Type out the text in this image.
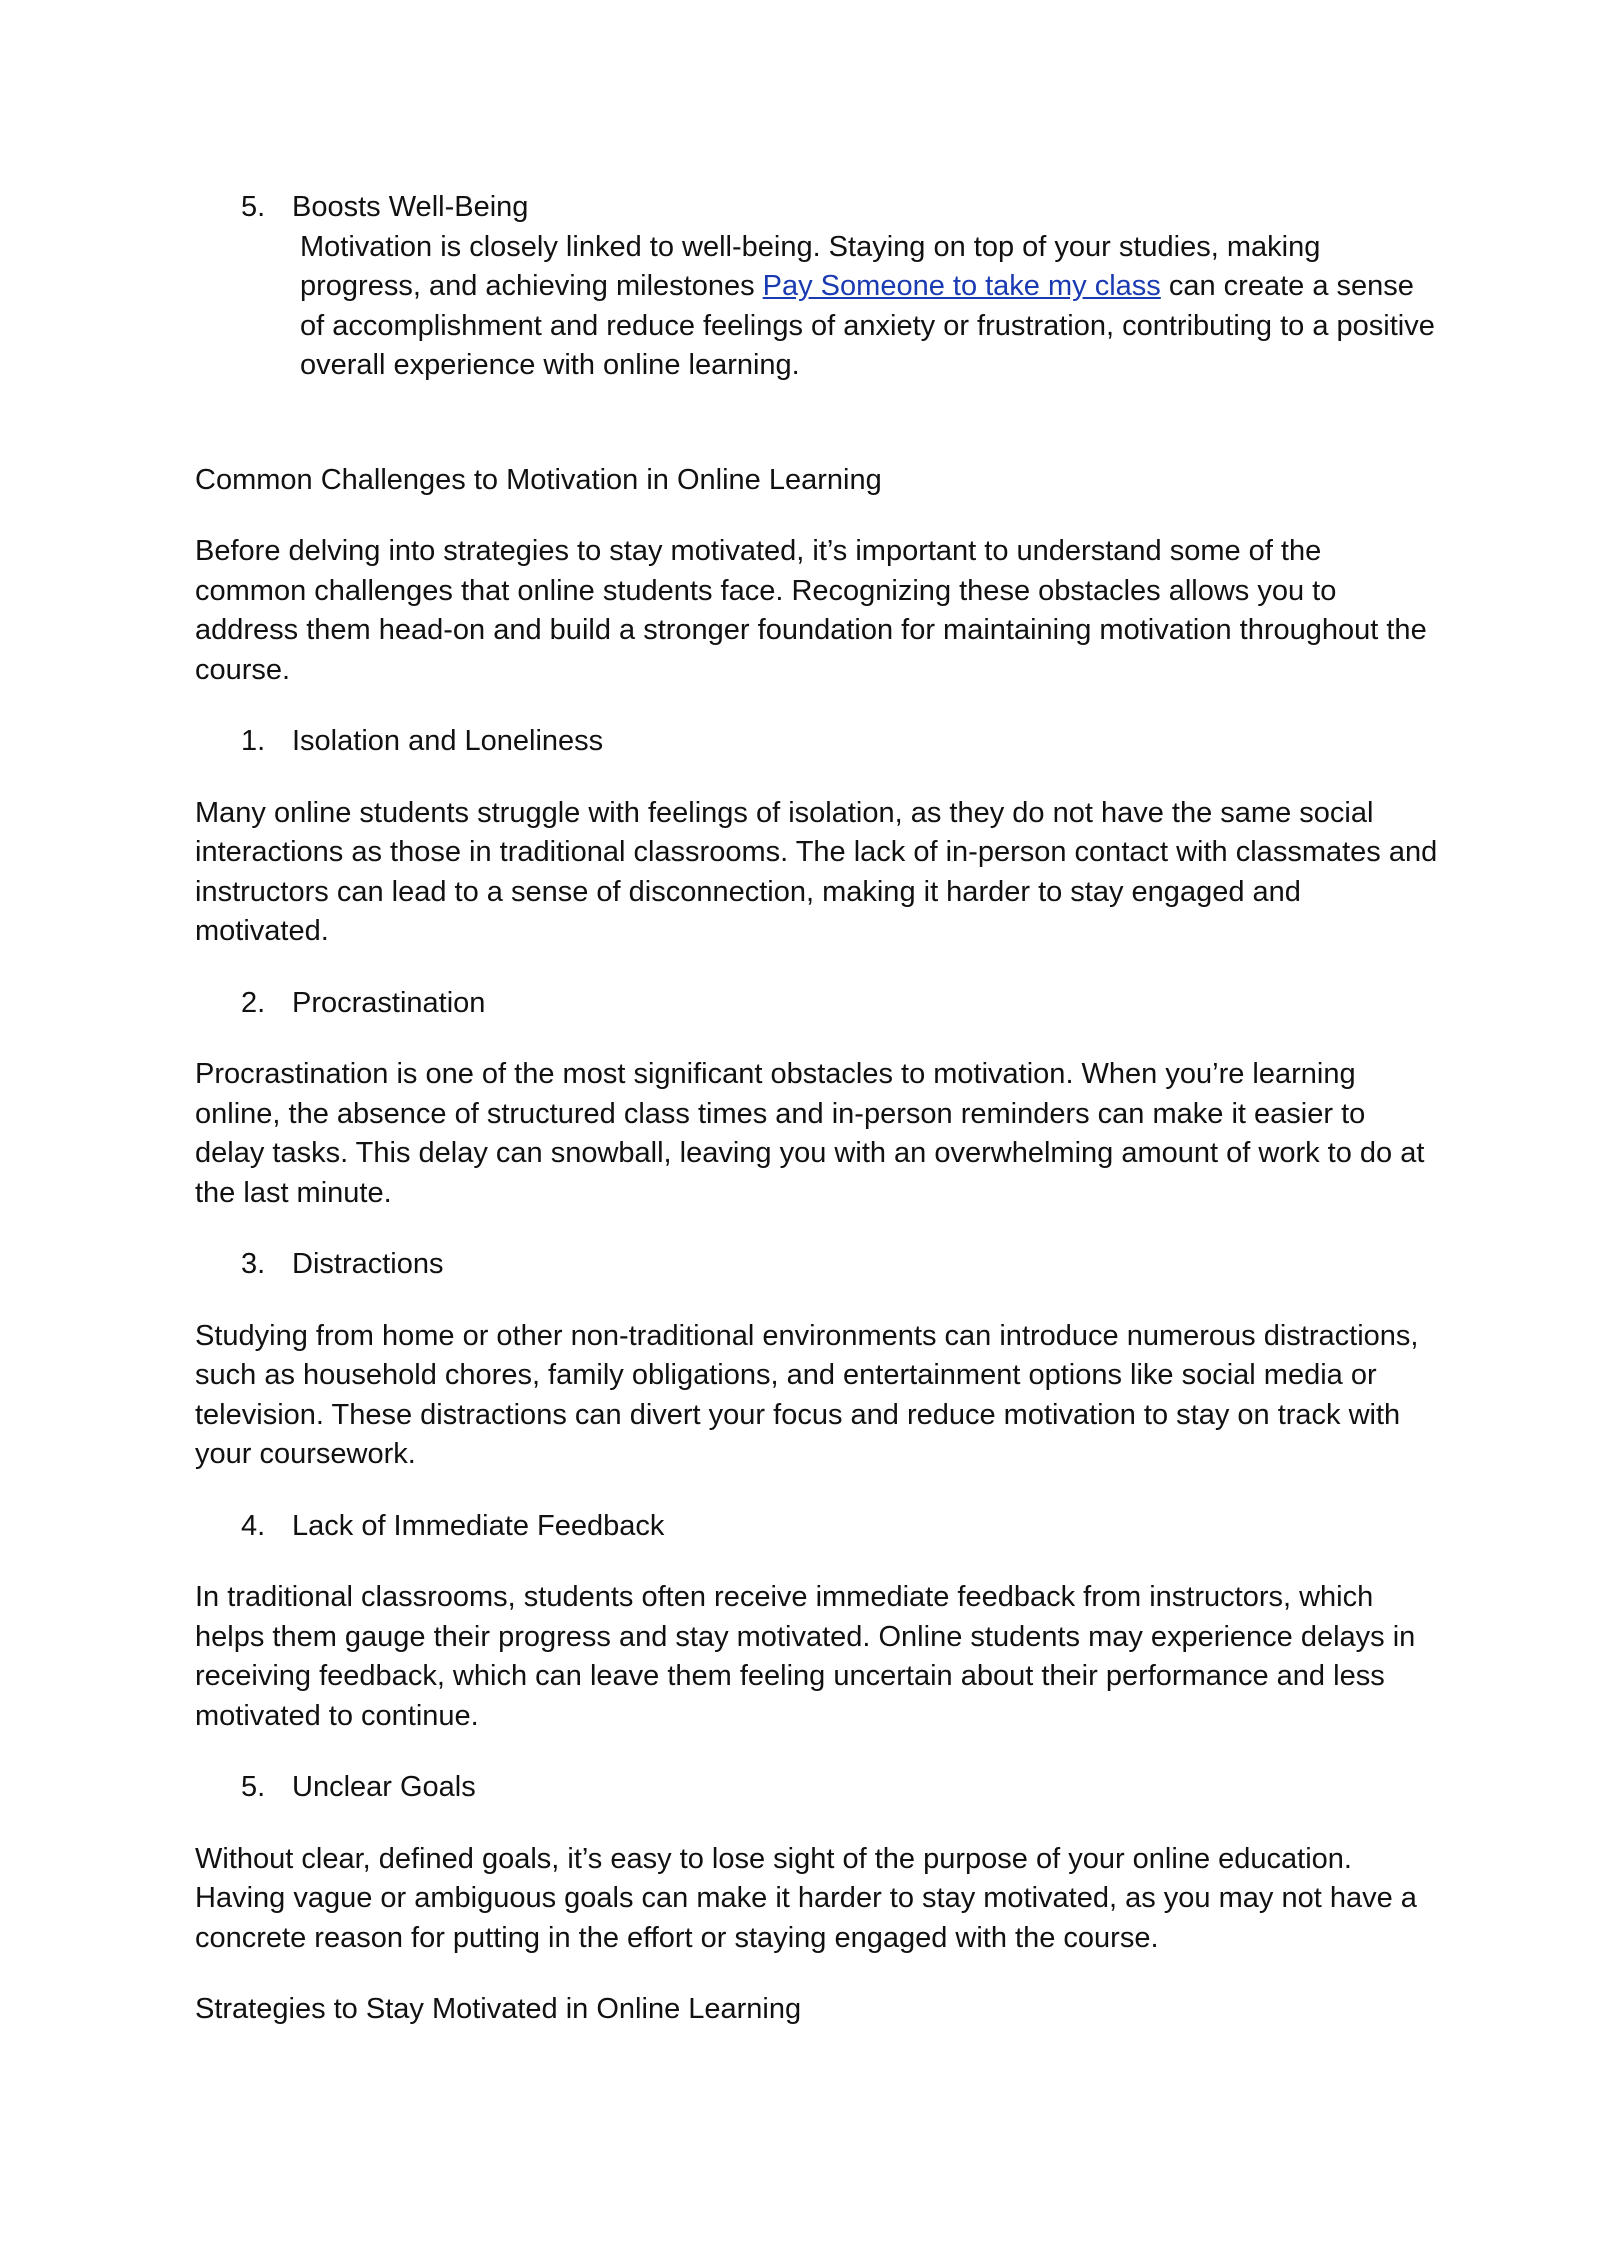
5. Boosts Well-Being

Motivation is closely linked to well-being. Staying on top of your studies, making progress, and achieving milestones Pay Someone to take my class can create a sense of accomplishment and reduce feelings of anxiety or frustration, contributing to a positive overall experience with online learning.

Common Challenges to Motivation in Online Learning

Before delving into strategies to stay motivated, it’s important to understand some of the common challenges that online students face. Recognizing these obstacles allows you to address them head-on and build a stronger foundation for maintaining motivation throughout the course.

1. Isolation and Loneliness

Many online students struggle with feelings of isolation, as they do not have the same social interactions as those in traditional classrooms. The lack of in-person contact with classmates and instructors can lead to a sense of disconnection, making it harder to stay engaged and motivated.

2. Procrastination

Procrastination is one of the most significant obstacles to motivation. When you’re learning online, the absence of structured class times and in-person reminders can make it easier to delay tasks. This delay can snowball, leaving you with an overwhelming amount of work to do at the last minute.

3. Distractions

Studying from home or other non-traditional environments can introduce numerous distractions, such as household chores, family obligations, and entertainment options like social media or television. These distractions can divert your focus and reduce motivation to stay on track with your coursework.

4. Lack of Immediate Feedback

In traditional classrooms, students often receive immediate feedback from instructors, which helps them gauge their progress and stay motivated. Online students may experience delays in receiving feedback, which can leave them feeling uncertain about their performance and less motivated to continue.

5. Unclear Goals

Without clear, defined goals, it’s easy to lose sight of the purpose of your online education. Having vague or ambiguous goals can make it harder to stay motivated, as you may not have a concrete reason for putting in the effort or staying engaged with the course.

Strategies to Stay Motivated in Online Learning
